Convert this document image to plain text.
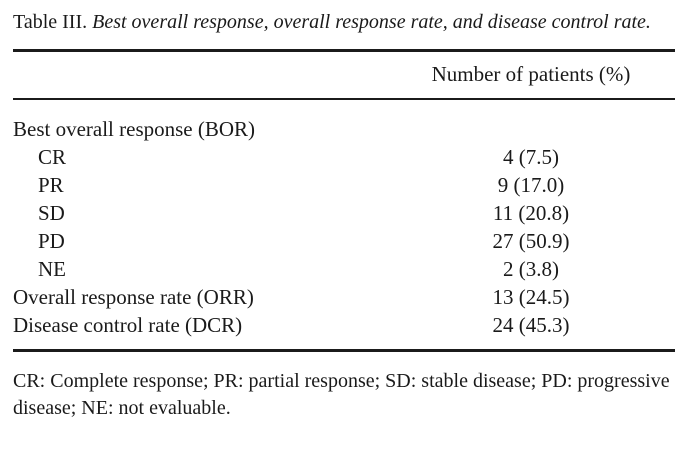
Table III. Best overall response, overall response rate, and disease control rate.

Number of patients (%)
Best overall response (BOR)
CR	4 (7.5)
PR	9 (17.0)
SD	11 (20.8)
PD	27 (50.9)
NE	2 (3.8)
Overall response rate (ORR)	13 (24.5)
Disease control rate (DCR)	24 (45.3)

CR: Complete response; PR: partial response; SD: stable disease; PD: progressive disease; NE: not evaluable.
